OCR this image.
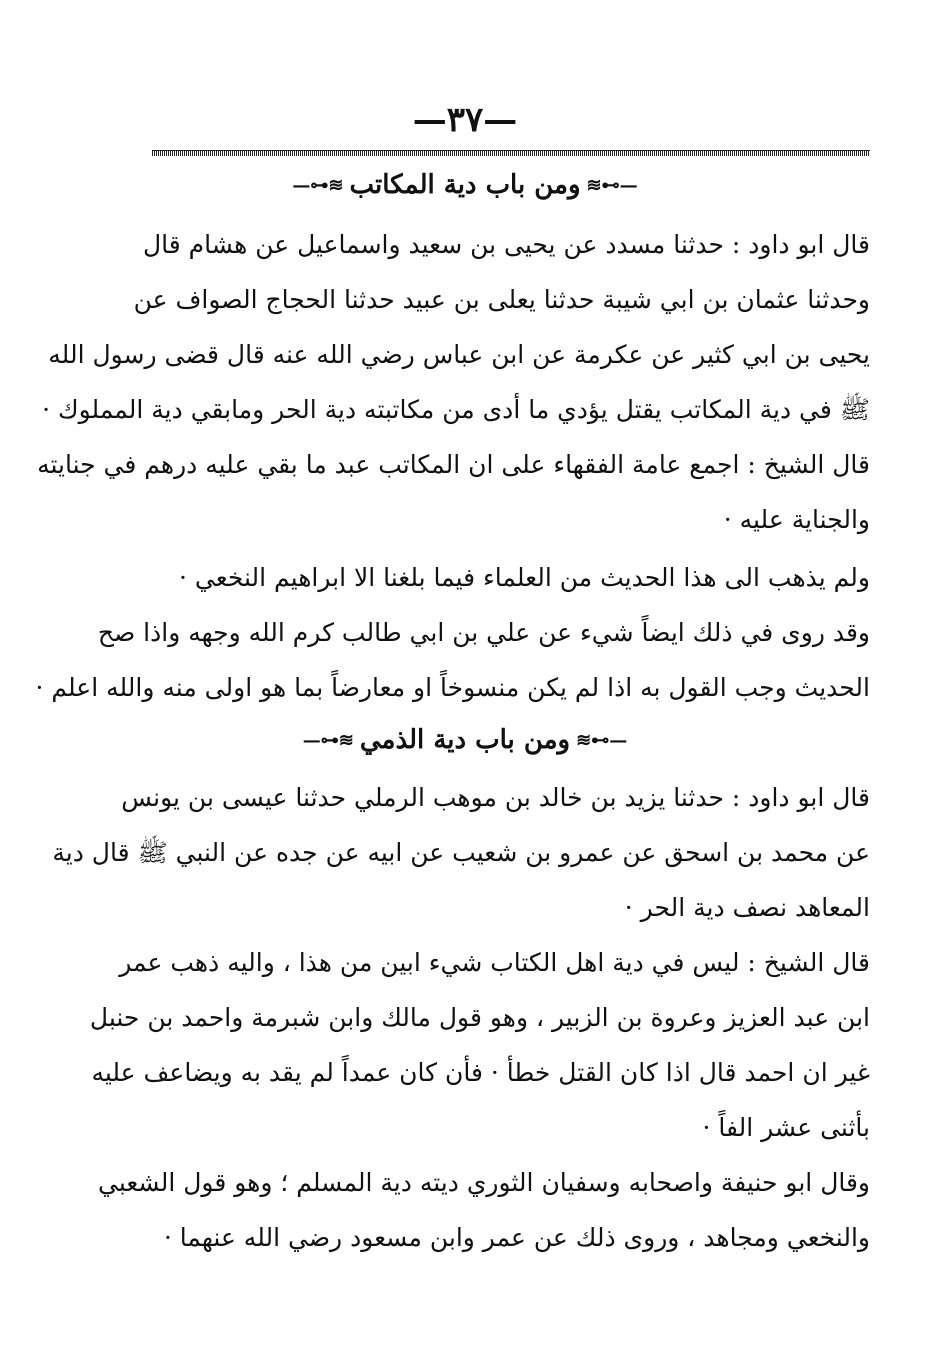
—٣٧—
≋⊷—
ومن باب دية المكاتب
—⊶≋
قال ابو داود : حدثنا مسدد عن يحيى بن سعيد واسماعيل عن هشام قال
وحدثنا عثمان بن ابي شيبة حدثنا يعلى بن عبيد حدثنا الحجاج الصواف عن
يحيى بن ابي كثير عن عكرمة عن ابن عباس رضي الله عنه قال قضى رسول الله
ﷺ في دية المكاتب يقتل يؤدي ما أدى من مكاتبته دية الحر ومابقي دية المملوك ·
قال الشيخ : اجمع عامة الفقهاء على ان المكاتب عبد ما بقي عليه درهم في جنايته
والجناية عليه ·
ولم يذهب الى هذا الحديث من العلماء فيما بلغنا الا ابراهيم النخعي ·
وقد روى في ذلك ايضاً شيء عن علي بن ابي طالب كرم الله وجهه واذا صح
الحديث وجب القول به اذا لم يكن منسوخاً او معارضاً بما هو اولى منه والله اعلم ·
≋⊷—
ومن باب دية الذمي
—⊶≋
قال ابو داود : حدثنا يزيد بن خالد بن موهب الرملي حدثنا عيسى بن يونس
عن محمد بن اسحق عن عمرو بن شعيب عن ابيه عن جده عن النبي ﷺ قال دية
المعاهد نصف دية الحر ·
قال الشيخ : ليس في دية اهل الكتاب شيء ابين من هذا ، واليه ذهب عمر
ابن عبد العزيز وعروة بن الزبير ، وهو قول مالك وابن شبرمة واحمد بن حنبل
غير ان احمد قال اذا كان القتل خطأ · فأن كان عمداً لم يقد به ويضاعف عليه
بأثنى عشر الفاً ·
وقال ابو حنيفة واصحابه وسفيان الثوري ديته دية المسلم ؛ وهو قول الشعبي
والنخعي ومجاهد ، وروى ذلك عن عمر وابن مسعود رضي الله عنهما ·
